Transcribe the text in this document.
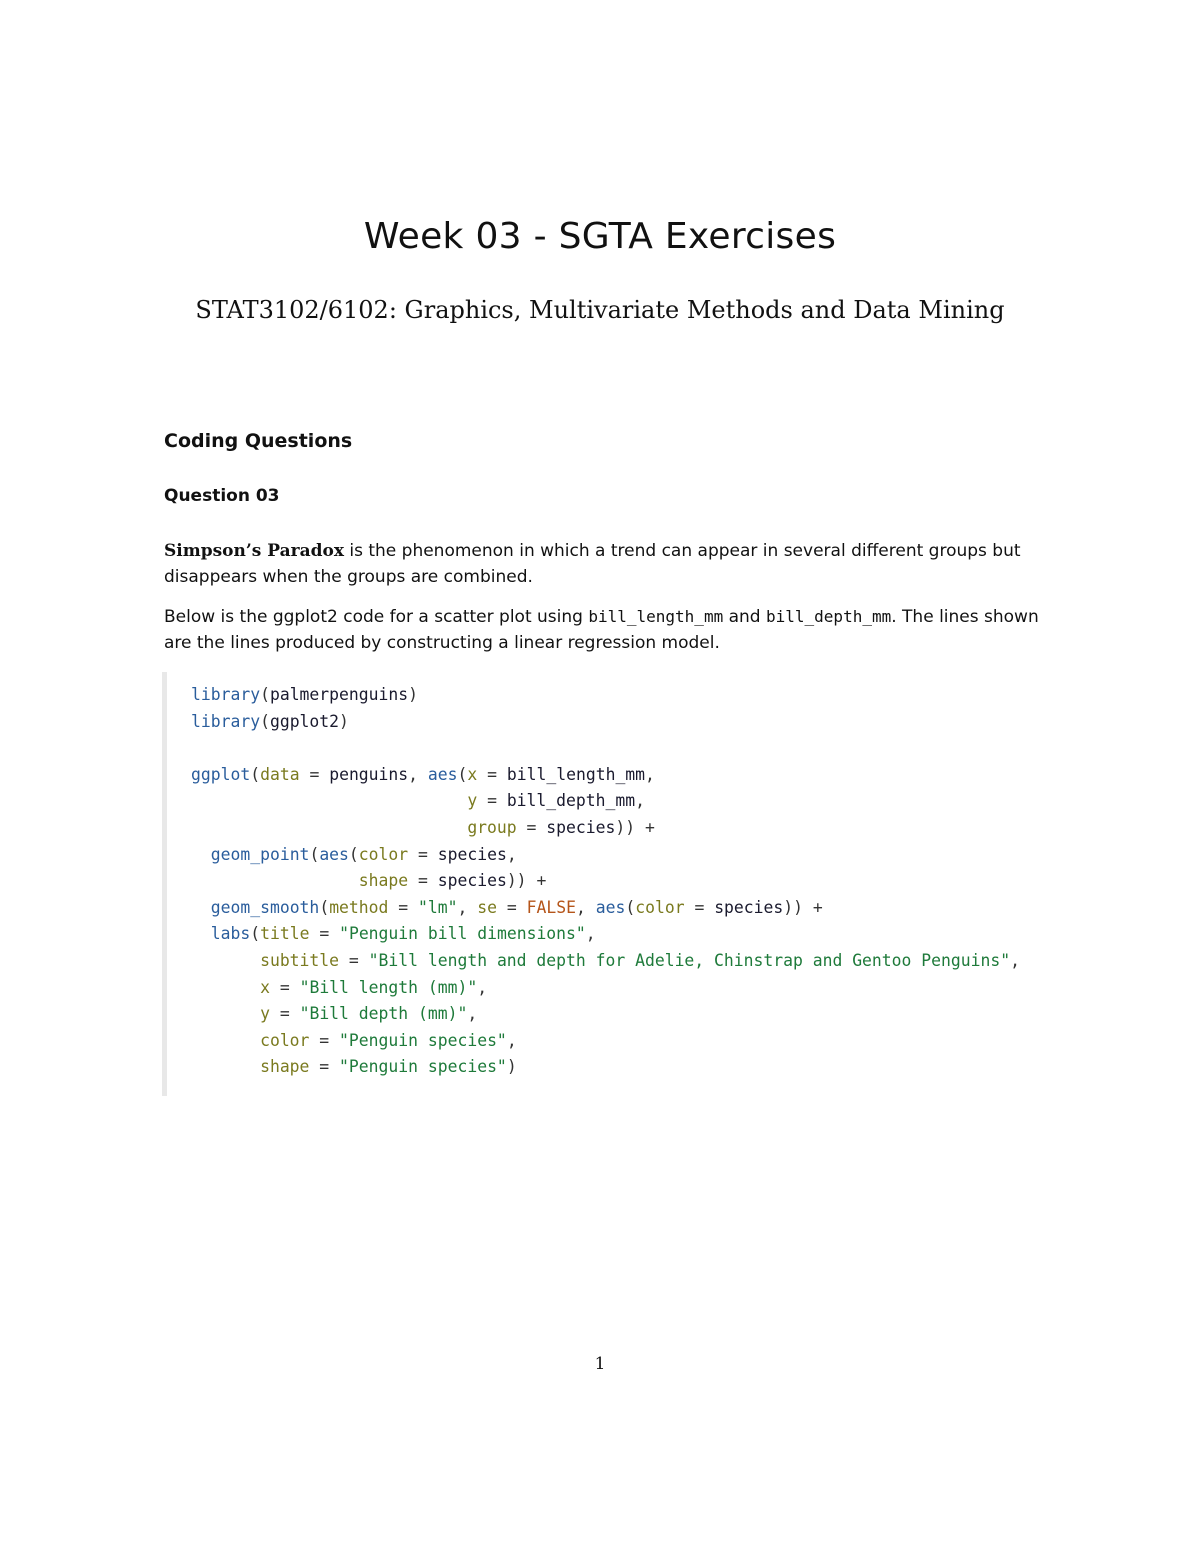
Week 03 - SGTA Exercises

STAT3102/6102: Graphics, Multivariate Methods and Data Mining

Coding Questions
Question 03

Simpson’s Paradox is the phenomenon in which a trend can appear in several different groups but disappears when the groups are combined.

Below is the ggplot2 code for a scatter plot using bill_length_mm and bill_depth_mm. The lines shown are the lines produced by constructing a linear regression model.

library(palmerpenguins)
library(ggplot2)
ggplot(data = penguins, aes(x = bill_length_mm,
y = bill_depth_mm,
group = species)) +
geom_point(aes(color = species,
shape = species)) +
geom_smooth(method = "lm", se = FALSE, aes(color = species)) +
labs(title = "Penguin bill dimensions",
subtitle = "Bill length and depth for Adelie, Chinstrap and Gentoo Penguins",
x = "Bill length (mm)",
y = "Bill depth (mm)",
color = "Penguin species",
shape = "Penguin species")

1
